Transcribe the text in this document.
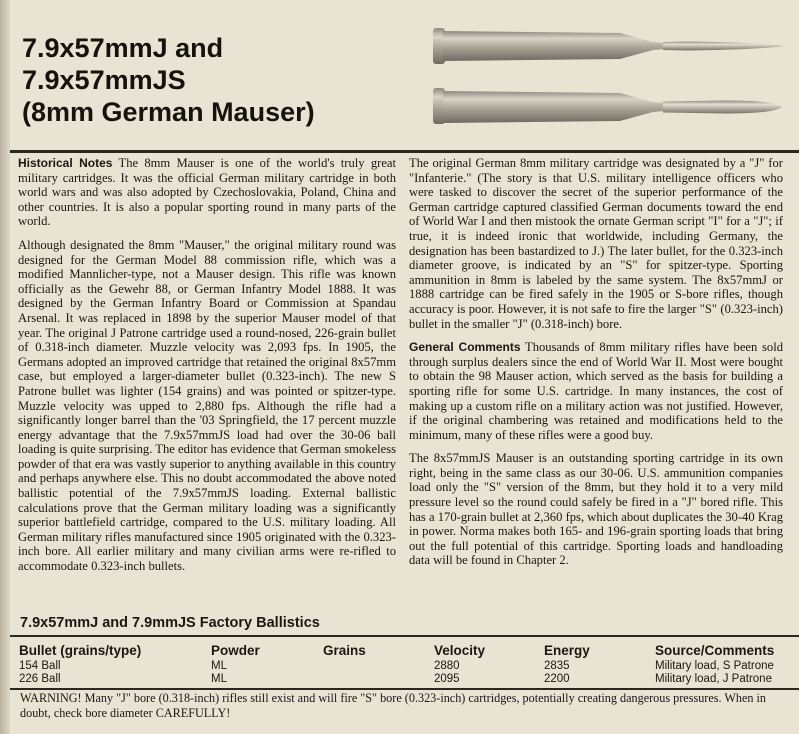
7.9x57mmJ and
7.9x57mmJS
(8mm German Mauser)

Historical Notes The 8mm Mauser is one of the world's truly great military cartridges. It was the official German military cartridge in both world wars and was also adopted by Czechoslovakia, Poland, China and other countries. It is also a popular sporting round in many parts of the world.

Although designated the 8mm "Mauser," the original military round was designed for the German Model 88 commission rifle, which was a modified Mannlicher-type, not a Mauser design. This rifle was known officially as the Gewehr 88, or German Infantry Model 1888. It was designed by the German Infantry Board or Commission at Spandau Arsenal. It was replaced in 1898 by the superior Mauser model of that year. The original J Patrone cartridge used a round-nosed, 226-grain bullet of 0.318-inch diameter. Muzzle velocity was 2,093 fps. In 1905, the Germans adopted an improved cartridge that retained the original 8x57mm case, but employed a larger-diameter bullet (0.323-inch). The new S Patrone bullet was lighter (154 grains) and was pointed or spitzer-type. Muzzle velocity was upped to 2,880 fps. Although the rifle had a significantly longer barrel than the '03 Springfield, the 17 percent muzzle energy advantage that the 7.9x57mmJS load had over the 30-06 ball loading is quite surprising. The editor has evidence that German smokeless powder of that era was vastly superior to anything available in this country and perhaps anywhere else. This no doubt accommodated the above noted ballistic potential of the 7.9x57mmJS loading. External ballistic calculations prove that the German military loading was a significantly superior battlefield cartridge, compared to the U.S. military loading. All German military rifles manufactured since 1905 originated with the 0.323-inch bore. All earlier military and many civilian arms were re-rifled to accommodate 0.323-inch bullets.

The original German 8mm military cartridge was designated by a "J" for "Infanterie." (The story is that U.S. military intelligence officers who were tasked to discover the secret of the superior performance of the German cartridge captured classified German documents toward the end of World War I and then mistook the ornate German script "I" for a "J"; if true, it is indeed ironic that worldwide, including Germany, the designation has been bastardized to J.) The later bullet, for the 0.323-inch diameter groove, is indicated by an "S" for spitzer-type. Sporting ammunition in 8mm is labeled by the same system. The 8x57mmJ or 1888 cartridge can be fired safely in the 1905 or S-bore rifles, though accuracy is poor. However, it is not safe to fire the larger "S" (0.323-inch) bullet in the smaller "J" (0.318-inch) bore.

General Comments Thousands of 8mm military rifles have been sold through surplus dealers since the end of World War II. Most were bought to obtain the 98 Mauser action, which served as the basis for building a sporting rifle for some U.S. cartridge. In many instances, the cost of making up a custom rifle on a military action was not justified. However, if the original chambering was retained and modifications held to the minimum, many of these rifles were a good buy.

The 8x57mmJS Mauser is an outstanding sporting cartridge in its own right, being in the same class as our 30-06. U.S. ammunition companies load only the "S" version of the 8mm, but they hold it to a very mild pressure level so the round could safely be fired in a "J" bored rifle. This has a 170-grain bullet at 2,360 fps, which about duplicates the 30-40 Krag in power. Norma makes both 165- and 196-grain sporting loads that bring out the full potential of this cartridge. Sporting loads and handloading data will be found in Chapter 2.

7.9x57mmJ and 7.9mmJS Factory Ballistics
Bullet (grains/type)	Powder	Grains	Velocity	Energy	Source/Comments
154 Ball	ML		2880	2835	Military load, S Patrone
226 Ball	ML		2095	2200	Military load, J Patrone
WARNING! Many "J" bore (0.318-inch) rifles still exist and will fire "S" bore (0.323-inch) cartridges, potentially creating dangerous pressures. When in doubt, check bore diameter CAREFULLY!
